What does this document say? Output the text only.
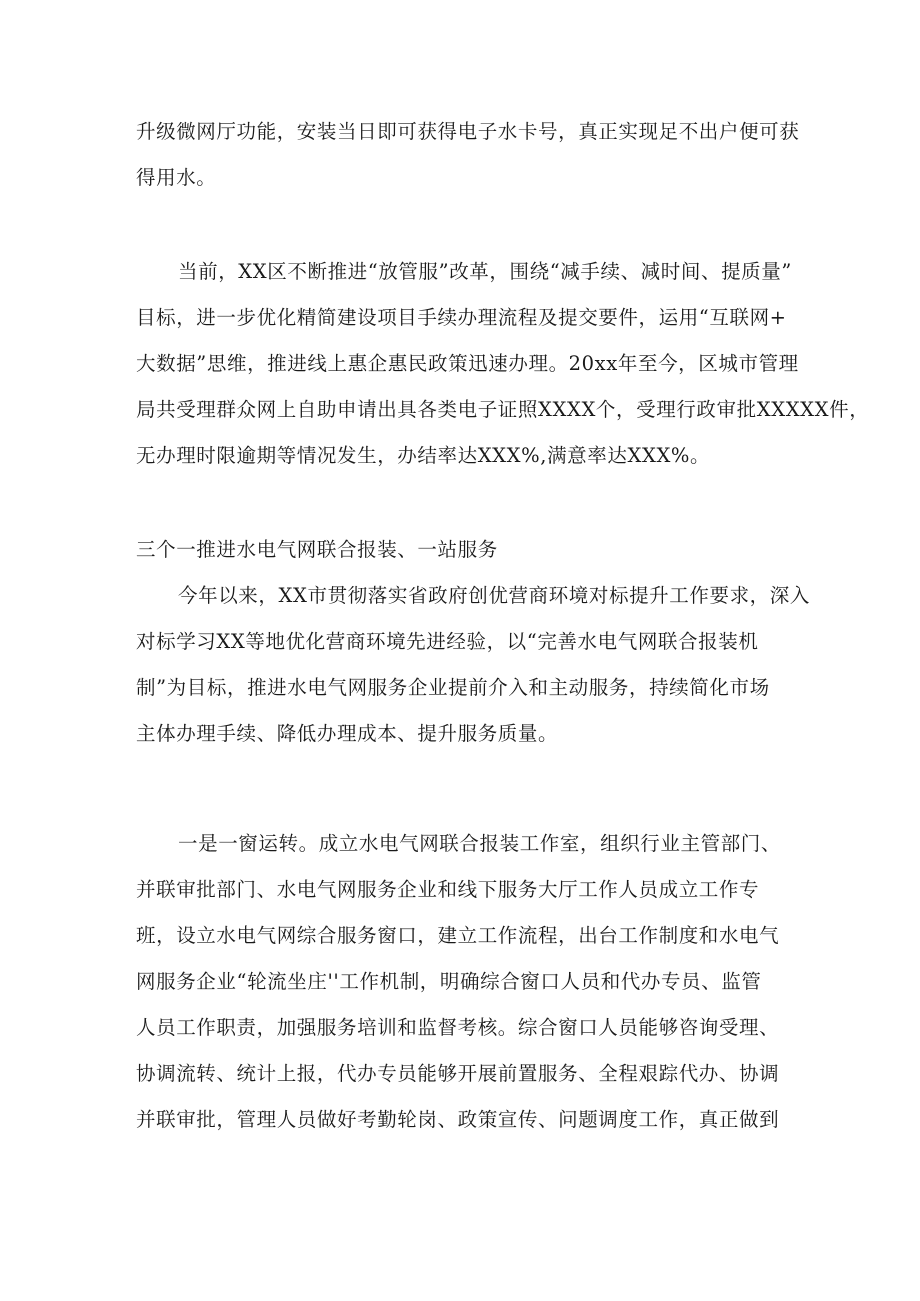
升级微网厅功能，安装当日即可获得电子水卡号，真正实现足不出户便可获
得用水。
当前，XX区不断推进“放管服”改革，围绕“减手续、减时间、提质量”
目标，进一步优化精简建设项目手续办理流程及提交要件，运用“互联网+
大数据”思维，推进线上惠企惠民政策迅速办理。20xx年至今，区城市管理
局共受理群众网上自助申请出具各类电子证照XXXX个，受理行政审批XXXXX件，
无办理时限逾期等情况发生，办结率达XXX%,满意率达XXX%。
三个一推进水电气网联合报装、一站服务
今年以来，XX市贯彻落实省政府创优营商环境对标提升工作要求，深入
对标学习XX等地优化营商环境先进经验，以“完善水电气网联合报装机
制”为目标，推进水电气网服务企业提前介入和主动服务，持续简化市场
主体办理手续、降低办理成本、提升服务质量。
一是一窗运转。成立水电气网联合报装工作室，组织行业主管部门、
并联审批部门、水电气网服务企业和线下服务大厅工作人员成立工作专
班，设立水电气网综合服务窗口，建立工作流程，出台工作制度和水电气
网服务企业“轮流坐庄''工作机制，明确综合窗口人员和代办专员、监管
人员工作职责，加强服务培训和监督考核。综合窗口人员能够咨询受理、
协调流转、统计上报，代办专员能够开展前置服务、全程艰踪代办、协调
并联审批，管理人员做好考勤轮岗、政策宣传、问题调度工作，真正做到
